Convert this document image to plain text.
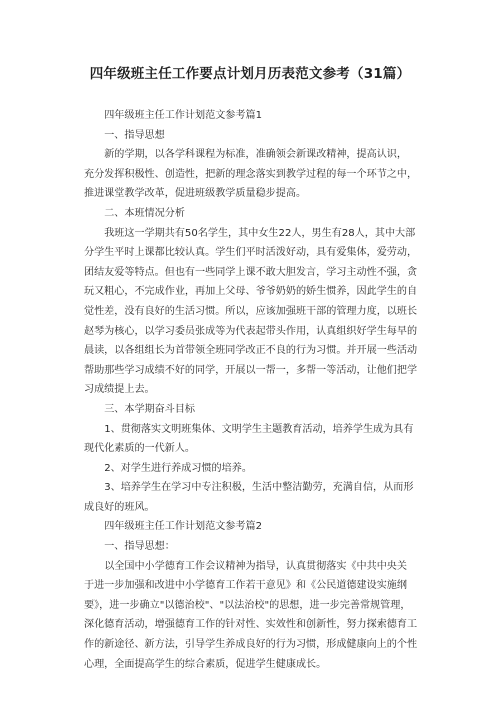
四年级班主任工作要点计划月历表范文参考（31篇）

四年级班主任工作计划范文参考篇1

一、指导思想

新的学期，以各学科课程为标准，准确领会新课改精神，提高认识，

充分发挥积极性、创造性，把新的理念落实到教学过程的每一个环节之中，

推进课堂教学改革，促进班级教学质量稳步提高。

二、本班情况分析

我班这一学期共有50名学生，其中女生22人，男生有28人，其中大部

分学生平时上课都比较认真。学生们平时活泼好动，具有爱集体，爱劳动，

团结友爱等特点。但也有一些同学上课不敢大胆发言，学习主动性不强，贪

玩又粗心，不完成作业，再加上父母、爷爷奶奶的娇生惯养，因此学生的自

觉性差，没有良好的生活习惯。所以，应该加强班干部的管理力度，以班长

赵琴为核心，以学习委员张成等为代表起带头作用，认真组织好学生每早的

晨读，以各组组长为首带领全班同学改正不良的行为习惯。并开展一些活动

帮助那些学习成绩不好的同学，开展以一帮一，多帮一等活动，让他们把学

习成绩提上去。

三、本学期奋斗目标

1、贯彻落实文明班集体、文明学生主题教育活动，培养学生成为具有

现代化素质的一代新人。

2、对学生进行养成习惯的培养。

3、培养学生在学习中专注积极，生活中整洁勤劳，充满自信，从而形

成良好的班风。

四年级班主任工作计划范文参考篇2

一、指导思想：

以全国中小学德育工作会议精神为指导，认真贯彻落实《中共中央关

于进一步加强和改进中小学德育工作若干意见》和《公民道德建设实施纲

要》，进一步确立"以德治校"、"以法治校"的思想，进一步完善常规管理，

深化德育活动，增强德育工作的针对性、实效性和创新性，努力探索德育工

作的新途径、新方法，引导学生养成良好的行为习惯，形成健康向上的个性

心理，全面提高学生的综合素质，促进学生健康成长。
